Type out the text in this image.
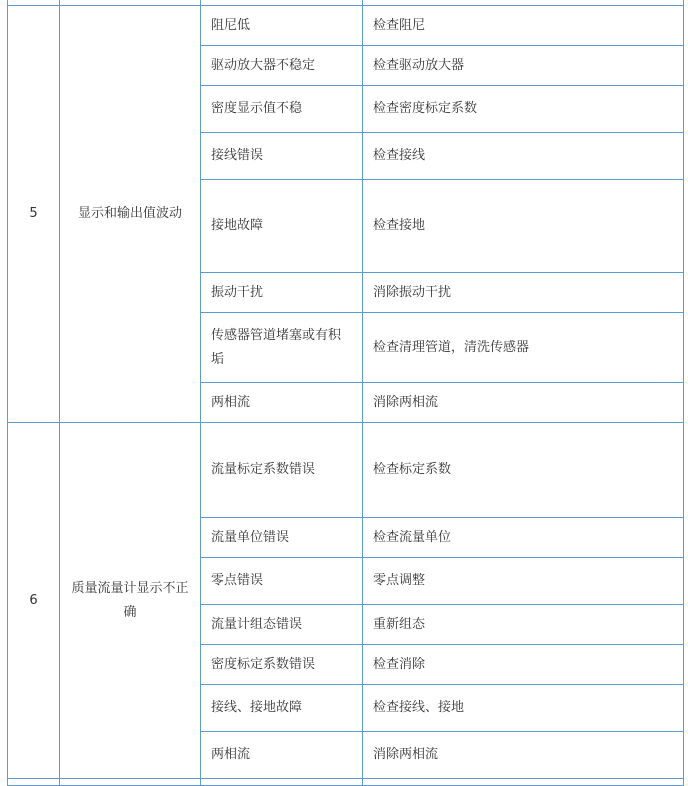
5	显示和输出值波动	阻尼低	检查阻尼
		驱动放大器不稳定	检查驱动放大器
		密度显示值不稳	检查密度标定系数
		接线错误	检查接线
		接地故障	检查接地
		振动干扰	消除振动干扰
		传感器管道堵塞或有积垢	检查清理管道，清洗传感器
		两相流	消除两相流
6	质量流量计显示不正确	流量标定系数错误	检查标定系数
		流量单位错误	检查流量单位
		零点错误	零点调整
		流量计组态错误	重新组态
		密度标定系数错误	检查消除
		接线、接地故障	检查接线、接地
		两相流	消除两相流
